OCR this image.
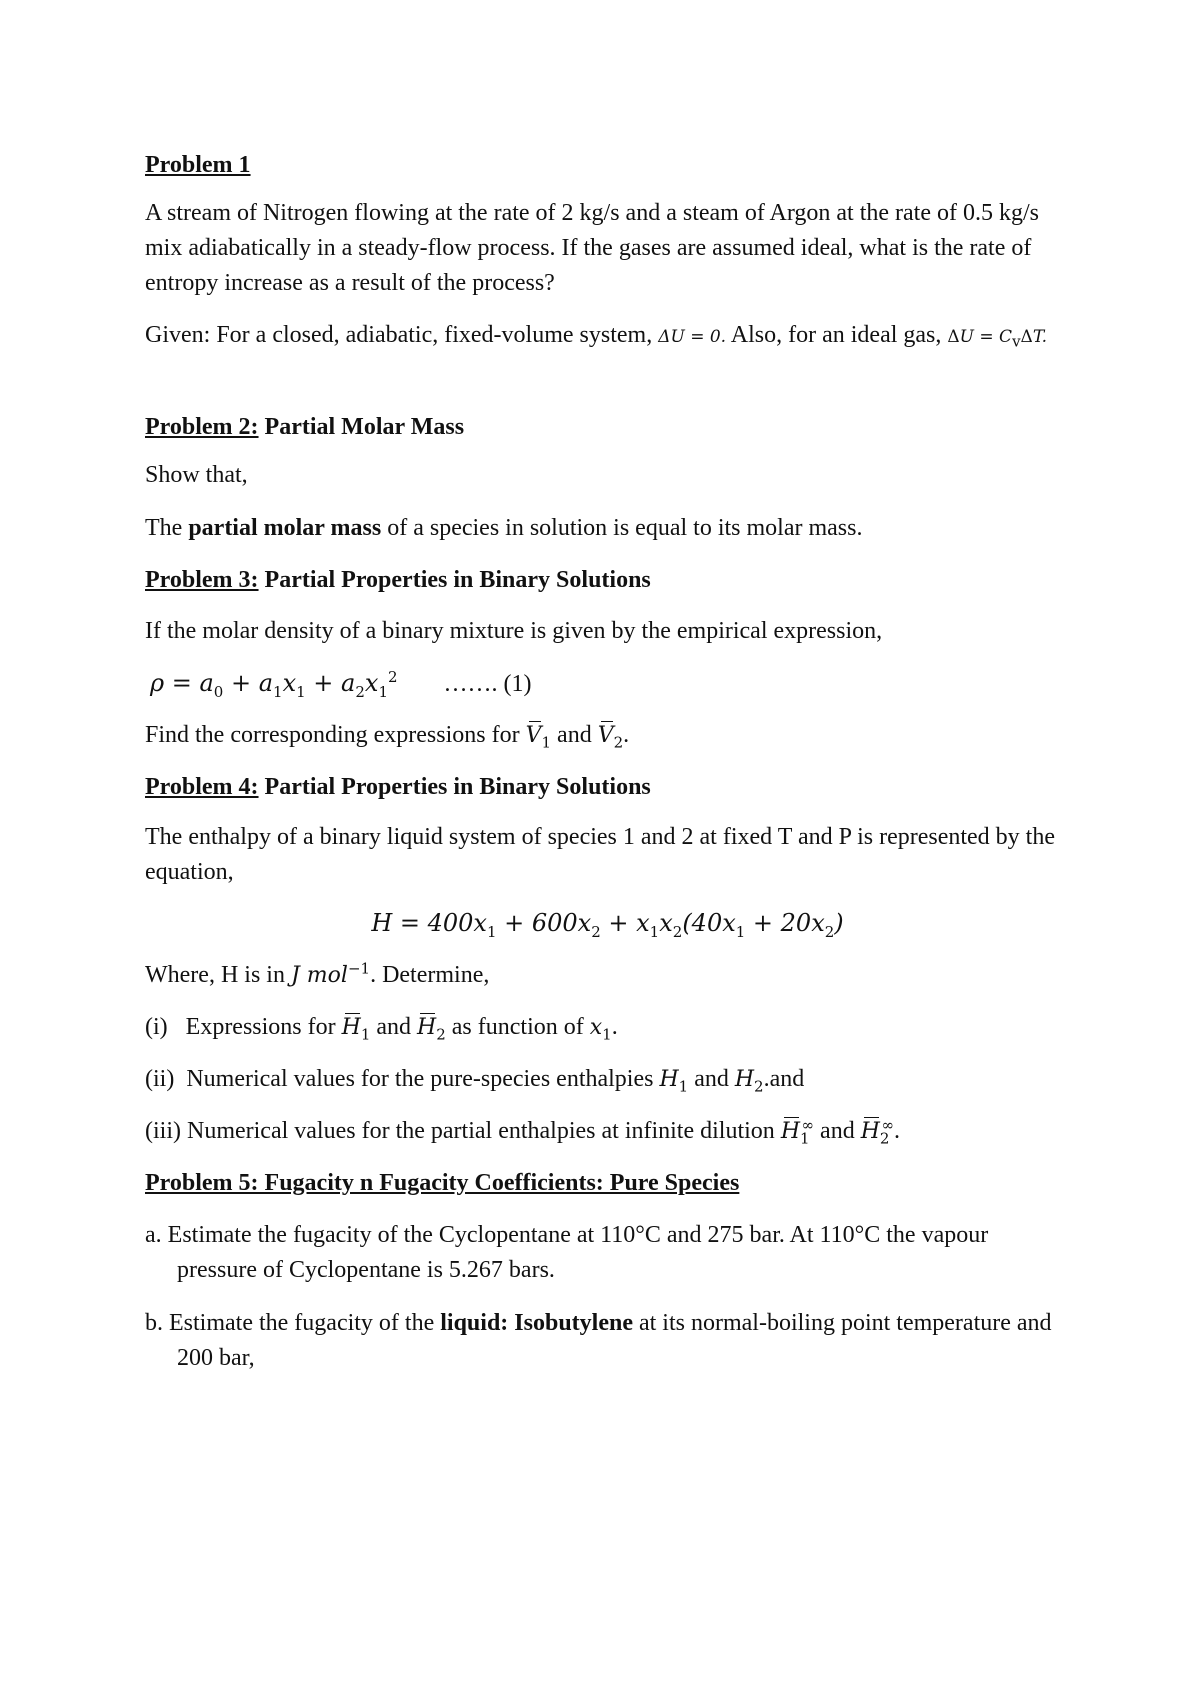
Problem 1
A stream of Nitrogen flowing at the rate of 2 kg/s and a steam of Argon at the rate of 0.5 kg/s mix adiabatically in a steady-flow process. If the gases are assumed ideal, what is the rate of entropy increase as a result of the process?
Given: For a closed, adiabatic, fixed-volume system, ΔU = 0. Also, for an ideal gas, $\Delta U = C_v\Delta T$.
Problem 2: Partial Molar Mass
Show that,
The partial molar mass of a species in solution is equal to its molar mass.
Problem 3: Partial Properties in Binary Solutions
If the molar density of a binary mixture is given by the empirical expression,
$\rho = a_0 + a_1x_1 + a_2x_1^2$ ……. (1)
Find the corresponding expressions for $V_1$ and $V_2$.
Problem 4: Partial Properties in Binary Solutions
The enthalpy of a binary liquid system of species 1 and 2 at fixed T and P is represented by the equation,
$H = 400x_1 + 600x_2 + x_1x_2(40x_1 + 20x_2)$
Where, H is in J mol$^{-1}$. Determine,
(i)   Expressions for $H_1$ and $H_2$ as function of $x_1$.
(ii)  Numerical values for the pure-species enthalpies $H_1$ and $H_2.and$
(iii) Numerical values for the partial enthalpies at infinite dilution $H_1^\infty$ and $H_2^\infty$.
Problem 5: Fugacity n Fugacity Coefficients: Pure Species
a. Estimate the fugacity of the Cyclopentane at 110°C and 275 bar. At 110°C the vapour pressure of Cyclopentane is 5.267 bars.
b. Estimate the fugacity of the liquid: Isobutylene at its normal-boiling point temperature and 200 bar,
